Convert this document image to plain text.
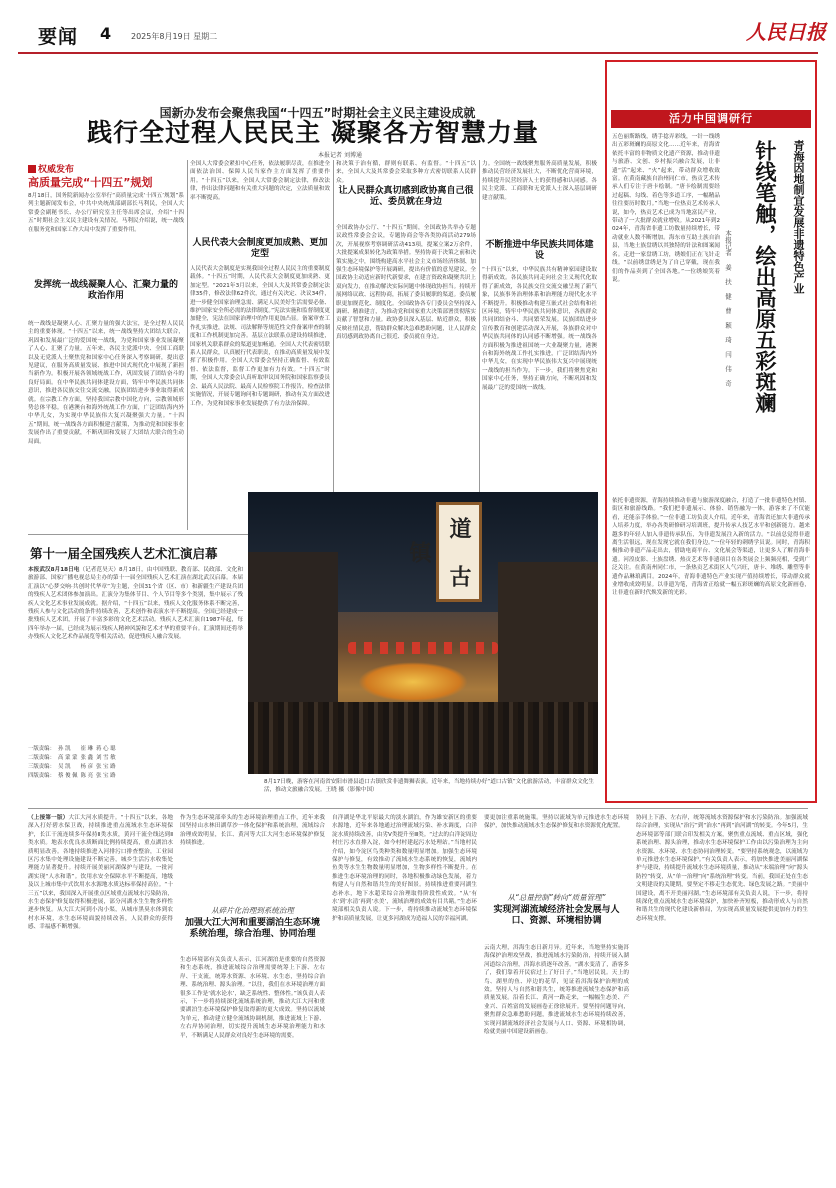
要闻 4 2025年8月19日 星期二	人民日报
国新办发布会聚焦我国“十四五”时期社会主义民主建设成就
践行全过程人民民主 凝聚各方智慧力量
本报记者 刘博通
权威发布
高质量完成“十四五”规划
8月18日，国务院新闻办公室举行“高质量完成‘十四五’规划”系列主题新闻发布会，中共中央统战部副部长马利民，全国人大常委会副秘书长、办公厅研究室主任等出席会议，介绍“十四五”时期社会主义民主建设有关情况。马利民介绍说，统一战线在服务党和国家工作大局中发挥了重要作用。
发挥统一战线凝聚人心、汇聚力量的政治作用
统一战线是凝聚人心、汇聚力量的强大法宝，是全过程人民民主的重要体现。“十四五”以来，统一战线坚持大团结大联合，巩固和发展最广泛的爱国统一战线，为党和国家事业发展凝聚了人心、汇聚了力量。五年来，各民主党派中央、全国工商联以及无党派人士聚焦党和国家中心任务深入考察调研，提出意见建议，在服务高质量发展、推进中国式现代化中展现了新担当新作为。积极开展各领域统战工作，巩固发展了团结奋斗的良好局面。在中华民族共同体建设方面，铸牢中华民族共同体意识，推进各民族交往交流交融，民族团结进步事业取得新成就。在宗教工作方面，坚持我国宗教中国化方向，宗教领域形势总体平稳。在港澳台和海外统战工作方面，广泛团结海内外中华儿女，为实现中华民族伟大复兴凝聚强大力量。“十四五”期间，统一战线各方面积极建言献策，为推动党和国家事业发展作出了重要贡献，不断巩固和发展了大团结大联合的生动局面。
全国人大常委会紧扣中心任务，依法履职尽责，在推进全面依法治国、保障人民当家作主方面发挥了重要作用。“十四五”以来，全国人大常委会制定法律，修改法律，作出法律问题和有关重大问题的决定，立法质量和效率不断提高。
人民代表大会制度更加成熟、更加定型
人民代表大会制度是实现我国全过程人民民主的重要制度载体。“十四五”时期，人民代表大会制度更加成熟、更加定型。“2021年3月以来，全国人大及其常委会制定法律35件，修改法律62件次，通过有关决定、决议34件，进一步健全国家治理急需、满足人民美好生活需要必备、维护国家安全所必需的法律制度。”宪法实施和监督制度更加健全，宪法在国家治理中的作用更加凸显。备案审查工作扎实推进，法规、司法解释等规范性文件备案审查的制度和工作机制更加完善。基层立法联系点建设持续推进，国家机关联系群众的渠道更加畅通。全国人大代表密切联系人民群众，认真履行代表职责，在推动高质量发展中发挥了积极作用。全国人大常委会坚持正确监督、有效监督、依法监督，监督工作更加有力有效。“十四五”时期，全国人大常委会认真听取审议国务院和国家监察委员会、最高人民法院、最高人民检察院工作报告，检查法律实施情况，开展专题询问和专题调研，推动有关方面改进工作，为党和国家事业发展提供了有力法治保障。
和决策于治有循，群则有联系、有监督。“十四五”以来，全国人大及其常委会采取多种方式密切联系人民群众。
让人民群众真切感到政协离自己很近、委员就在身边
全国政协办公厅、“十四五”期间，全国政协共举办专题议政性常委会会议，专题协商会等各类协商活动279场次，开展视察考察调研活动413项，提案立案2万余件，大批提案成果转化为政策举措。坚持协商于决策之前和决策实施之中，围绕构建高水平社会主义市场经济体制、加强生态环境保护等开展调研，提出有价值的意见建议。全国政协主动适应新时代新要求，在建言资政和凝聚共识上双向发力，在推动解决实际问题中体现政协担当。持续开展网络议政、远程协商，拓展了委员履职的渠道。委员履职更加规范化、制度化。全国政协各专门委员会坚持深入调研、精准建言，为推动党和国家重大决策部署贯彻落实贡献了智慧和力量。政协委员深入基层、贴近群众，积极反映社情民意，帮助群众解决急难愁盼问题，让人民群众真切感到政协离自己很近、委员就在身边。
力。全国统一战线聚焦服务高质量发展，积极推动民营经济发展壮大，不断优化营商环境，持续提升民营经济人士的获得感和认同感。各民主党派、工商联和无党派人士深入基层调研建言献策。
不断推进中华民族共同体建设
“十四五”以来，中华民族共有精神家园建设取得新成效。各民族共同走向社会主义现代化取得了新成效，各民族交往交流交融呈现了新气象，民族事务治理体系和治理能力现代化水平不断提升。积极推动构建互嵌式社会结构和社区环境，铸牢中华民族共同体意识，各族群众共同团结奋斗、共同繁荣发展。民族团结进步宣传教育和创建活动深入开展，各族群众对中华民族共同体的认同感不断增强。统一战线各方面积极为推进祖国统一大业凝聚力量，港澳台和海外统战工作扎实推进，广泛团结海内外中华儿女，在实现中华民族伟大复兴中展现统一战线的担当作为。下一步，我们将聚焦党和国家中心任务，坚持正确方向，不断巩固和发展最广泛的爱国统一战线。
第十一届全国残疾人艺术汇演启幕
本报武汉8月18日电（记者范昊天）8月18日，由中国残联、教育部、民政部、文化和旅游部、国家广播电视总局主办的第十一届全国残疾人艺术汇演在湖北武汉启幕。本届汇演以“心梦交响·共创时代华章”为主题，全国31个省（区、市）和新疆生产建设兵团的残疾人艺术团体参加演出。汇演分为集体节目、个人节目等多个类别，集中展示了残疾人文化艺术事业发展成就。据介绍，“十四五”以来，残疾人文化服务体系不断完善，残疾人参与文化活动的条件持续改善，艺术创作和表演水平不断提高。全国已经建成一批残疾人艺术团，开展了丰富多彩的文化艺术活动。残疾人艺术汇演自1987年起，每四年举办一届，已经成为展示残疾人精神风貌和艺术才华的重要平台。汇演期间还将举办残疾人文化艺术作品展览等相关活动，促进残疾人融合发展。
一版责编：	孙 凯	崔 琳	蒋 心 聪
二版责编：	高 蒙 蒙	张 鑫	刘 雪 敏
三版责编：	吴 凯	杨 彦	张 宝 路
四版责编：	蔡 俊 佩	陈 亮	张 宝 路
道 古 镇
8月17日晚，游客在河南省安阳市滑县道口古镇欣赏非遗舞狮表演。近年来，当地持续办好“道口古镇”文化旅游活动，丰富群众文化生活，推动文旅融合发展。王晓 摄（影像中国）
（上接第一版）大江大河水质提升。“十四五”以来，各地深入打好碧水保卫战，持续推进重点流域水生态环境保护，长江干流连续多年保持Ⅱ类水质，黄河干流全线达到Ⅱ类水质。地表水优良水质断面比例持续提高，重点湖泊水质明显改善。各地持续推进入河排污口排查整治，工业园区污水集中处理设施建设不断完善，城乡生活污水收集处理能力显著提升。持续开展美丽河湖保护与建设，一批河湖实现“人水和谐”。饮用水安全保障水平不断提高，地级及以上城市集中式饮用水水源地水质达标率保持高位。“十三五”以来，我国深入开展重点区域重点流域水污染防治，水生态保护修复取得积极进展，部分河湖水生生物多样性逐步恢复。从大江大河到小沟小渠，从城市黑臭水体到农村水环境，水生态环境面貌持续改善，人民群众的获得感、幸福感不断增强。
作为生态环境部牵头的生态环境治理重点工作，近年来我国坚持山水林田湖草沙一体化保护和系统治理，流域综合治理成效明显，长江、黄河等大江大河生态环境保护修复持续推进。
从碎片化治理到系统治理
加强大江大河和重要湖泊生态环境系统治理，综合治理、协同治理
生态环境部有关负责人表示，江河湖泊是重要的自然资源和生态系统，推进流域综合治理需要统筹上下游、左右岸、干支流，统筹水资源、水环境、水生态，坚持综合治理、系统治理、源头治理。“以往，我们在水环境治理方面很多工作是‘就水论水’，缺乏系统性、整体性。”该负责人表示，下一步将持续深化流域系统治理，推动大江大河和重要湖泊生态环境保护修复取得新的更大成效。坚持以流域为单元，推动建立健全流域协调机制，推进流域上下游、左右岸协同治理，切实提升流域生态环境治理能力和水平，不断满足人民群众对良好生态环境的需要。
自洋湖是华北平原最大的淡水湖泊，作为雄安新区的重要水源地，近年来各地通过治理流域污染、补水调度，白洋淀水质持续改善，由劣Ⅴ类提升至Ⅲ类。“过去的白洋淀周边村庄污水直排入淀，如今村村建起污水处理站。”当地村民介绍，如今淀区鸟类种类和数量明显增加。加强生态环境保护与修复，有效推动了流域水生态系统的恢复，流域内鱼类等水生生物数量明显增加，生物多样性不断提升。在推进生态环境治理的同时，各地积极推动绿色发展，着力构建人与自然和谐共生的美好图景。持续推进重要河湖生态补水，地下水超采综合治理取得阶段性成效。“从‘有水’到‘水清’再到‘水美’，流域治理的成效有目共睹。”生态环境部相关负责人说。下一步，将持续推动流域生态环境保护和高质量发展，让更多河湖成为造福人民的幸福河湖。
要更加注重系统施策。坚持以流域为单元推进水生态环境保护，加快推动流域水生态保护修复和水资源优化配置。
从“总量控制”转向“质量管理”
实现河湖流域经济社会发展与人口、资源、环境相协调
云南大理，洱海生态日新月异。近年来，当地坚持实施洱海保护治理攻坚战，推进流域水污染防治，持续开展入湖河道综合治理，洱海水质逐年改善。“湖水变清了，游客多了，我们靠着开民宿过上了好日子。”当地居民说。天上的鸟、湖里的鱼、岸边的花草，见证着洱海保护治理的成效。坚持人与自然和谐共生，统筹推进流域生态保护和高质量发展。沿着长江、黄河一路走来，一幅幅生态美、产业兴、百姓富的发展画卷正徐徐展开。要坚持问题导向，聚焦群众急难愁盼问题，推进流域水生态环境持续改善，实现河湖流域经济社会发展与人口、资源、环境相协调，绘就美丽中国建设新画卷。
协同上下游、左右岸，统筹流域水资源保护和水污染防治。加强流域综合治理，实现从“治污”到“治水”再到“治河湖”的转变。今年5月，生态环境部等部门联合印发相关方案，聚焦重点流域、重点区域，强化系统治理、源头治理，推动水生态环境保护工作由以污染治理为主向水资源、水环境、水生态协同治理转变。“要坚持系统观念，以流域为单元推进水生态环境保护。”有关负责人表示，将加快推进美丽河湖保护与建设，持续提升流域水生态环境质量，推动从“末端治理”向“源头防控”转变，从“单一治理”向“系统治理”转变。当前，我国正处在生态文明建设的关键期，要坚定不移走生态优先、绿色发展之路。“美丽中国建设，离不开美丽河湖。”生态环境部有关负责人说，下一步，将持续深化重点流域水生态环境保护，加快补齐短板，推动形成人与自然和谐共生的现代化建设新格局，为实现高质量发展提供更加有力的生态环境支撑。
活力中国调研行
青海因地制宜发展非遗特色产业
针线笔触，绘出高原五彩斑斓
本报记者 姜 扶 健 曹 颖 琦 闫 伟 奇
五色丽斯路线，绣手捻弄彩线，一针一线绣出五彩斑斓的高原文化……近年来，青海省依托丰富的非物质文化遗产资源，推动非遗与旅游、文创、乡村振兴融合发展，让非遗“活”起来、“火”起来，带动群众增收致富。在黄南藏族自治州同仁市，热贡艺术传承人们专注于唐卡绘制。“唐卡绘制需要经过起稿、勾线、着色等多道工序，一幅精品往往要历时数月。”当地一位热贡艺术传承人说，如今，热贡艺术已成为当地富民产业，带动了一大批群众就业增收。从2021年到2024年，青海省非遗工坊数量持续增长，带动就业人数不断增加。海东市互助土族自治县，当地土族盘绣以其独特的针法和图案闻名。走进一家盘绣工坊，绣娘们正在飞针走线。“以前绣盘绣是为了自己穿戴，现在我们的作品卖到了全国各地。”一位绣娘笑着说。
依托非遗资源，青海持续推动非遗与旅游深度融合，打造了一批非遗特色村镇、街区和旅游线路。“我们把非遗展示、体验、销售融为一体，游客来了不仅能看，还能亲手体验。”一位非遗工坊负责人介绍。近年来，青海省还加大非遗传承人培养力度，举办各类研修研习培训班，提升传承人技艺水平和创新能力。越来越多的年轻人加入非遗传承队伍，为非遗发展注入新的活力。“以前总觉得非遗离生活很远，现在发现它就在我们身边。”一位年轻的刺绣学员说。同时，青海积极推动非遗产品走出去，借助电商平台、文化展会等渠道，让更多人了解青海非遗。河湟皮影、土族盘绣、热贡艺术等非遗项目在各类展会上频频亮相，受到广泛关注。在黄南州同仁市，一条热贡艺术街区人气兴旺，唐卡、堆绣、雕塑等非遗作品琳琅满目。2024年，青海非遗特色产业实现产值持续增长，带动群众就业增收成效明显。以非遗为笔，青海省正绘就一幅五彩斑斓的高原文化新画卷，让非遗在新时代焕发新的光彩。
